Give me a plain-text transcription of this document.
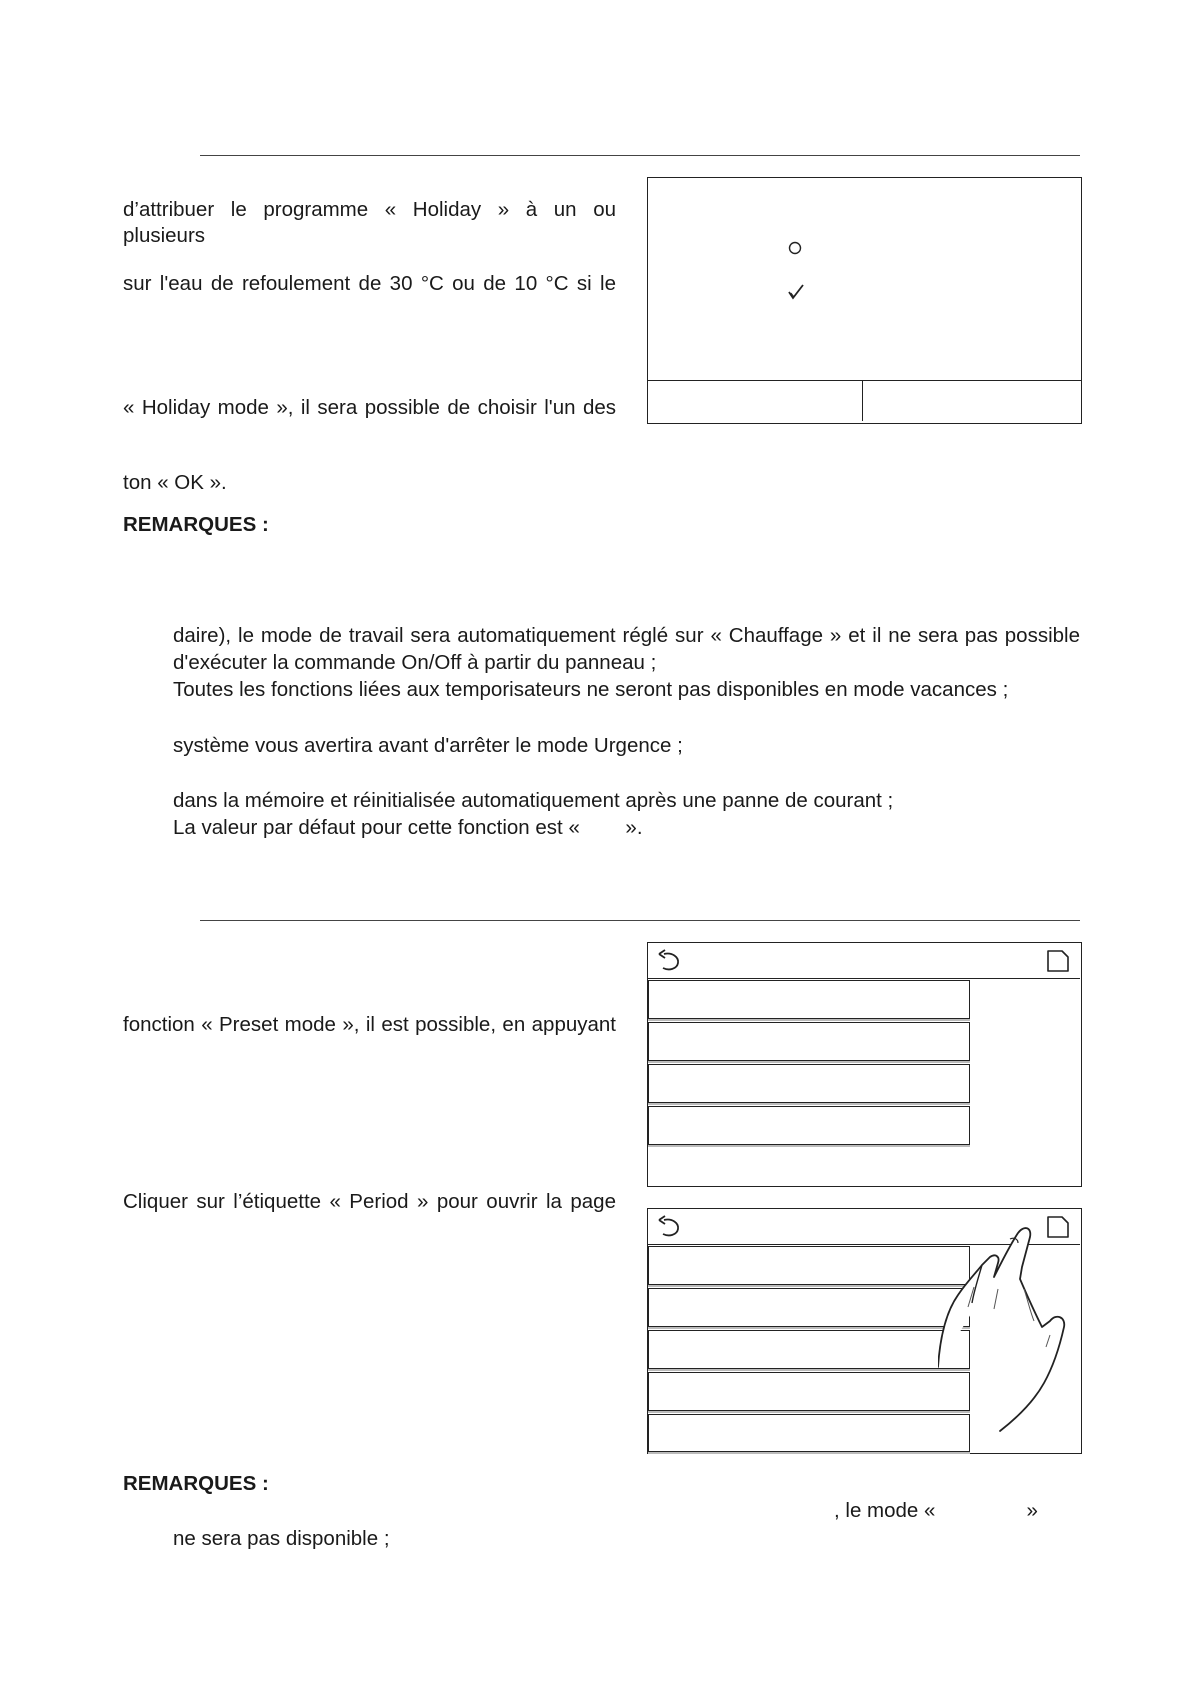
d’attribuer le programme « Holiday » à un ou plusieurs
sur l'eau de refoulement de 30 °C ou de 10 °C si le
« Holiday mode », il sera possible de choisir l'un des
ton « OK ».
REMARQUES :
daire), le mode de travail sera automatiquement réglé sur « Chauffage » et il ne sera pas possible
d'exécuter la commande On/Off à partir du panneau ;
Toutes les fonctions liées aux temporisateurs ne seront pas disponibles en mode vacances ;
système vous avertira avant d'arrêter le mode Urgence ;
dans la mémoire et réinitialisée automatiquement après une panne de courant ;
La valeur par défaut pour cette fonction est «        ».
fonction « Preset mode », il est possible, en appuyant
Cliquer sur l’étiquette « Period » pour ouvrir la page
REMARQUES :
, le mode «                »
ne sera pas disponible ;
